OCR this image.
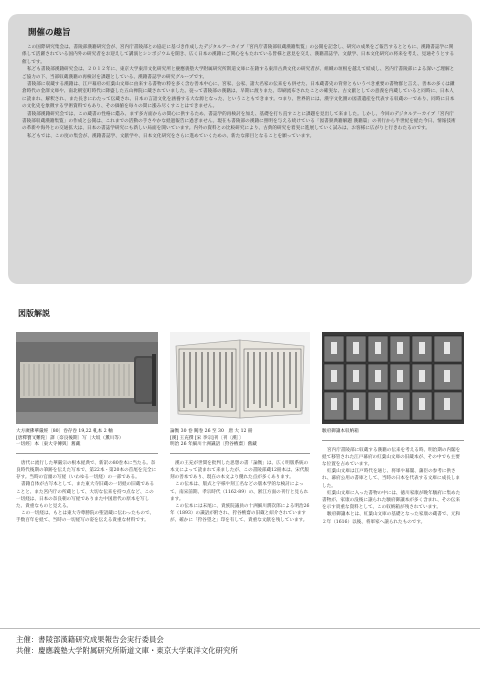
開催の趣旨

この国際研究集会は、書陵部漢籍研究会が、宮内庁書陵部との協定に基づき作成したデジタルアーカイブ「宮内庁書陵部収蔵漢籍集覧」の公開を記念し、研究の成果をご報告するとともに、漢籍書誌学に関係して活躍されている国内外の研究者をお迎えして講演とシンポジウムを開き、広く日本の漢籍にご関心をもたれている皆様と意見を交え、漢籍書誌学、文献学、日本文化研究の将来を考え、見通そうとする催しです。

私ども書陵部漢籍研究会は、２０１２年に、東京大学東洋文化研究所と慶應義塾大学附属研究所斯道文庫に在籍する東洋古典文化の研究者が、組織の垣根を越えて結成し、宮内庁書陵部による深いご理解とご協力の下、当部収蔵漢籍の再検討を課題としている、漢籍書誌学の研究グループです。

書陵部に収蔵する漢籍は、江戸幕府の紅葉山文庫に由来する書物の粋を多く含む善本中心に、宮家、公家、諸大名家の伝来をも併せた、日本蔵書史の背骨ともいうべき重要の書物群と言え、善本の多くは鎌倉時代の金澤文庫や、南北朝室町時代に降盛した五山禅院に蔵されていました。従って書陵部の漢籍は、早期に渡りまた、印刷流布されたことの確実な、古文献としての意義を内蔵していると同時に、日本人に読まれ、解釈され、また長きにわたって伝蔵され、日本の言語文化を涵養する大な源となった、ということもできます。つまり、世界的には、漢字文化圏の図書遺産を代表する収蔵の一であり、同時に日本の文化史を象徴する学術資料でもあり、その価値を毎々の間に漲み尽くすことはできません。

書陵部漢籍研究会では、この蔵書の性格に鑑み、まず多方面からの間心に供するため、書誌学的再検討を加え、基礎を打ち直すことに課題を見出して来ました。しかし、今回のデジタルアーカイブ「宮内庁書陵部収蔵漢籍集覧」の作成と公開は、これまでの活動の手さやかな経過報告に過ぎません。現在も書陵部の漢籍に照明を与える続けている「図書寮典籍解題 漢籍篇」の刊行から半世紀を経た今日、情報技術の革新や海外との交通拡大は、日本の書誌学研究にも新しい局面を開いています。内外の資料との比較研究により、古典的研究を着実に進展していく試みは、お客様に広がりと行きわたるのです。

私どもでは、この度の集会が、漢籍書誌学、文献学や、日本文化研究をさらに進めていくための、新たな節目となることを願っています。

図版解説
大方廣佛華嚴經〔80〕卷存卷 19,22 軋本 2 軸
[唐釋寶叉難陀〕譯〔奈良後期〕写〔大坂（薫川等）
一切經〕本〔東大寺傳與〕舊藏

唐代に流行した華嚴宗の根本経典で、新訳の80巻本に当たる。奈良時代後期の筆跡を伝えた写本で、第22本・第20本の首尾を完全に存す。当時の官頭の写経（いわゆる一切経）の一部である。

書籍自体が古写本として、また東大寺旧蔵の一切経の旧蔵であることと、また宮内庁の所蔵として、大切な伝来を持つ点など、この一切経は、日本の奈良朝の写経でありまた中国唐代の原本を写した、貴重なものと見える。

この一切経は、もとは東大寺尊勝院の聖語蔵に伝わったもので、手数百年を経て、当時の一切経写の姿を伝える貴重な材料です。

論衡 30 卷 闕卷 26 至 30　唐 大 12 冊
[漢] 王充撰 [宋 李宗]刊〔刊〔漢〕〕
明治 26 年細川十洲識語〔狩谷棭齋〕舊藏

漢の王充が世間を批判した思想の書「論衡」は、広く明版系統の本文によって読まれて来ましたが、この書陵部蔵12冊本は、宋代版刻の善本であり、現在の本文より優れた点が多くあります。

この伝本は、版式と字様や刻工名などの版本学的な検討によって、南宋前期、孝宗時代（1162-89）の、浙江方面の刊行と見られます。

この伝本には末尾に、貴族院議員の十洲細川潤次郎による明治26年（1893）の識語が附され、狩谷棭齋の旧蔵と紹介されていますが、確かに「狩谷望之」印を有して、貴重な文献を残しています。

駿府御讓本収納箱

宮内庁書陵部に収蔵する漢籍の伝来を考える時、明治期の内閣を経て移管された江戸幕府の紅葉山文庫の旧蔵本が、その中でも主要な位置を占めています。

紅葉山文庫は江戸時代を通じ、将軍や幕閣、藩臣の参考に供され、幕府公用の書庫として、当時の日本を代表する文庫に成長しました。

紅葉山文庫に入った書物の中には、徳川家康が晩年駿府に集めた書物が、家康の没後に譲られた駿府御讓本が多く含まれ、その伝来を示す貴重な資料として、この収納箱が残されています。

駿府御讓本とは、紅葉山文庫の基礎となった家康の蔵書で、元和２年（1616）以後、将軍家へ譲られたものです。

主催：書陵部漢籍研究成果報告会実行委員会
共催：慶應義塾大学附属研究所斯道文庫・東京大学東洋文化研究所
